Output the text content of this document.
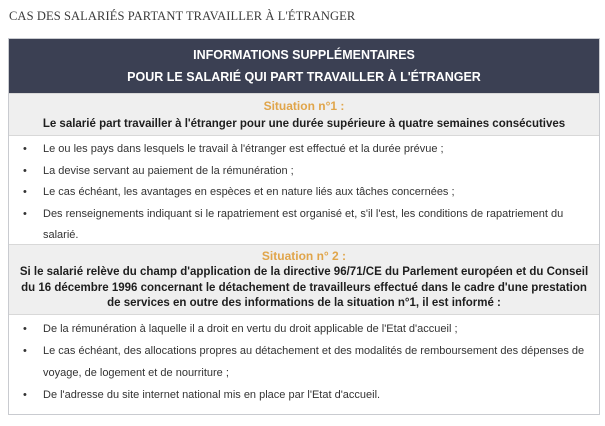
CAS DES SALARIÉS PARTANT TRAVAILLER À L'ÉTRANGER
INFORMATIONS SUPPLÉMENTAIRES
POUR LE SALARIÉ QUI PART TRAVAILLER À L'ÉTRANGER
Situation n°1 :
Le salarié part travailler à l'étranger pour une durée supérieure à quatre semaines consécutives
• Le ou les pays dans lesquels le travail à l'étranger est effectué et la durée prévue ;
• La devise servant au paiement de la rémunération ;
• Le cas échéant, les avantages en espèces et en nature liés aux tâches concernées ;
• Des renseignements indiquant si le rapatriement est organisé et, s'il l'est, les conditions de rapatriement du salarié.
Situation n° 2 :
Si le salarié relève du champ d'application de la directive 96/71/CE du Parlement européen et du Conseil du 16 décembre 1996 concernant le détachement de travailleurs effectué dans le cadre d'une prestation de services en outre des informations de la situation n°1, il est informé :
• De la rémunération à laquelle il a droit en vertu du droit applicable de l'Etat d'accueil ;
• Le cas échéant, des allocations propres au détachement et des modalités de remboursement des dépenses de voyage, de logement et de nourriture ;
• De l'adresse du site internet national mis en place par l'Etat d'accueil.
